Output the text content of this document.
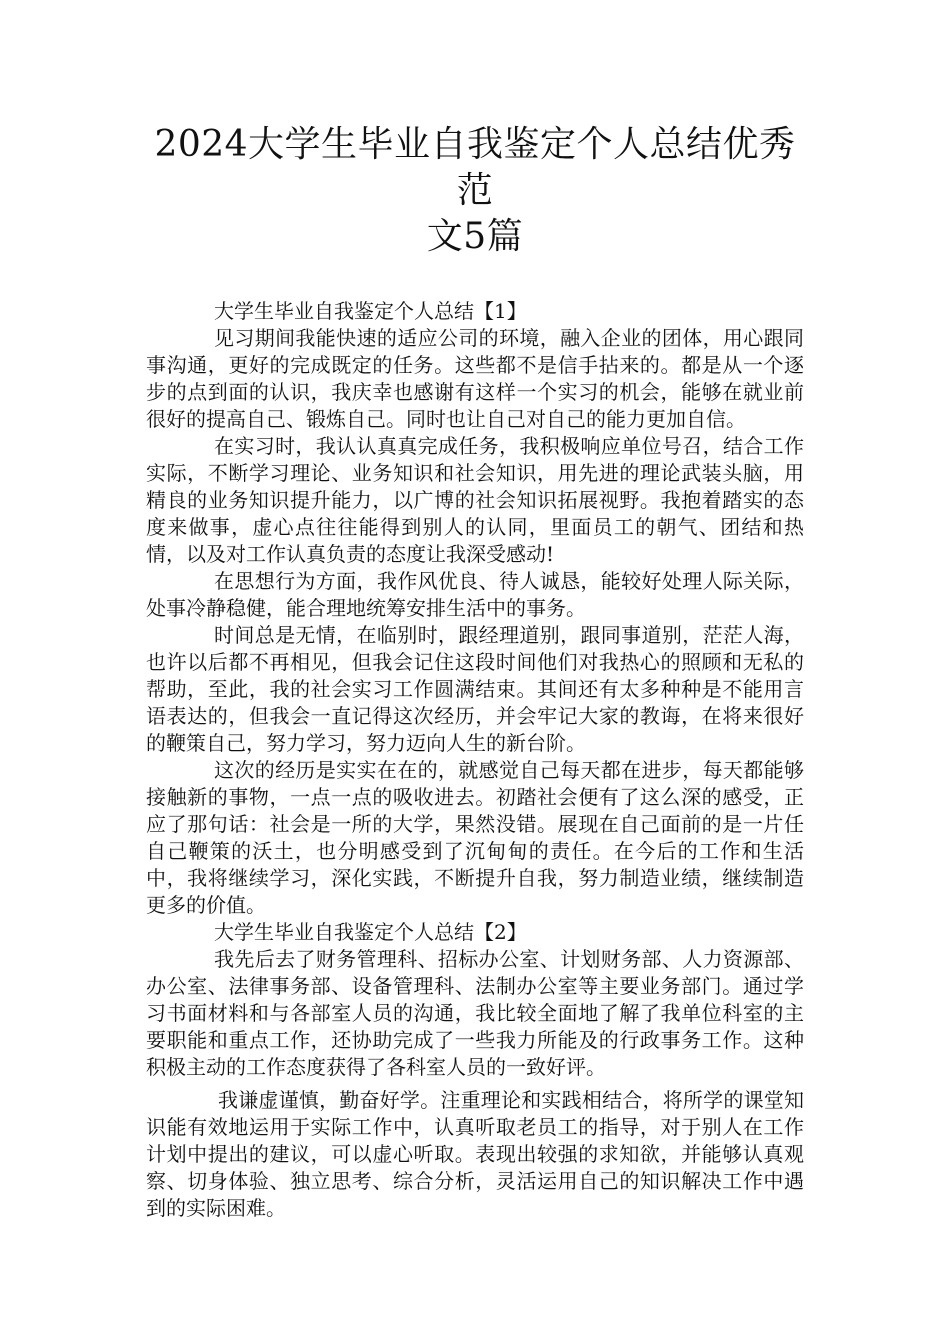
2024大学生毕业自我鉴定个人总结优秀范
文5篇

大学生毕业自我鉴定个人总结【1】

见习期间我能快速的适应公司的环境，融入企业的团体，用心跟同事沟通，更好的完成既定的任务。这些都不是信手拈来的。都是从一个逐步的点到面的认识，我庆幸也感谢有这样一个实习的机会，能够在就业前很好的提高自己、锻炼自己。同时也让自己对自己的能力更加自信。

在实习时，我认认真真完成任务，我积极响应单位号召，结合工作实际，不断学习理论、业务知识和社会知识，用先进的理论武装头脑，用精良的业务知识提升能力，以广博的社会知识拓展视野。我抱着踏实的态度来做事，虚心点往往能得到别人的认同，里面员工的朝气、团结和热情，以及对工作认真负责的态度让我深受感动!

在思想行为方面，我作风优良、待人诚恳，能较好处理人际关际，处事冷静稳健，能合理地统筹安排生活中的事务。

时间总是无情，在临别时，跟经理道别，跟同事道别，茫茫人海，也许以后都不再相见，但我会记住这段时间他们对我热心的照顾和无私的帮助，至此，我的社会实习工作圆满结束。其间还有太多种种是不能用言语表达的，但我会一直记得这次经历，并会牢记大家的教诲，在将来很好的鞭策自己，努力学习，努力迈向人生的新台阶。

这次的经历是实实在在的，就感觉自己每天都在进步，每天都能够接触新的事物，一点一点的吸收进去。初踏社会便有了这么深的感受，正应了那句话：社会是一所的大学，果然没错。展现在自己面前的是一片任自己鞭策的沃土，也分明感受到了沉甸甸的责任。在今后的工作和生活中，我将继续学习，深化实践，不断提升自我，努力制造业绩，继续制造更多的价值。

大学生毕业自我鉴定个人总结【2】

我先后去了财务管理科、招标办公室、计划财务部、人力资源部、办公室、法律事务部、设备管理科、法制办公室等主要业务部门。通过学习书面材料和与各部室人员的沟通，我比较全面地了解了我单位科室的主要职能和重点工作，还协助完成了一些我力所能及的行政事务工作。这种积极主动的工作态度获得了各科室人员的一致好评。

我谦虚谨慎，勤奋好学。注重理论和实践相结合，将所学的课堂知识能有效地运用于实际工作中，认真听取老员工的指导，对于别人在工作计划中提出的建议，可以虚心听取。表现出较强的求知欲，并能够认真观察、切身体验、独立思考、综合分析，灵活运用自己的知识解决工作中遇到的实际困难。
